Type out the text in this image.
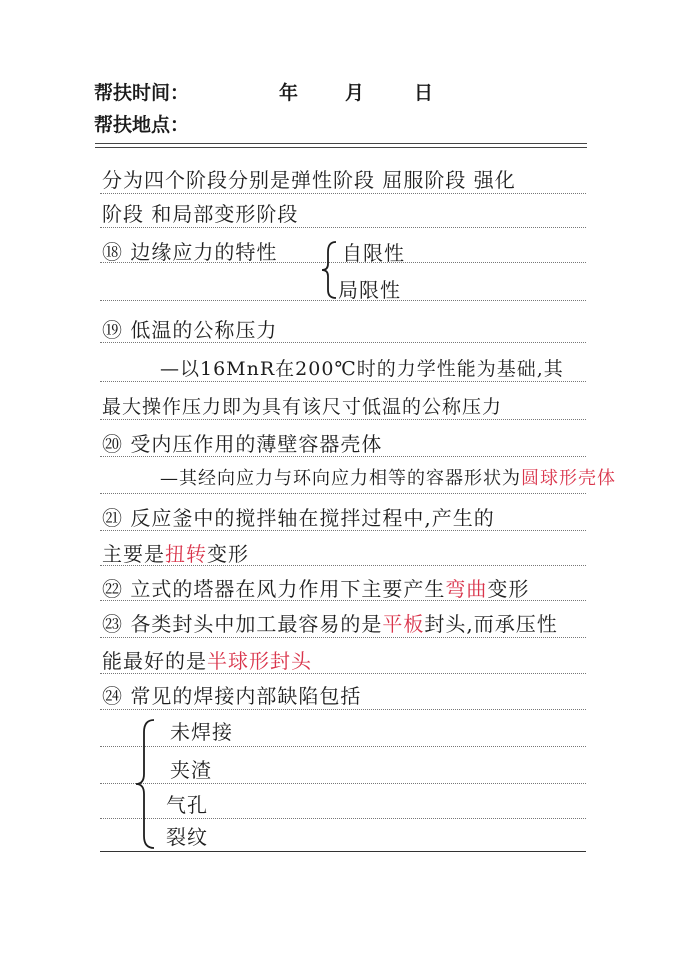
帮扶时间：	年 月	日
帮扶地点：
分为四个阶段分别是弹性阶段 屈服阶段 强化
阶段 和局部变形阶段
⑱ 边缘应力的特性	自限性
局限性
⑲ 低温的公称压力
—以16MnR在200℃时的力学性能为基础,其
最大操作压力即为具有该尺寸低温的公称压力
⑳ 受内压作用的薄壁容器壳体
—其经向应力与环向应力相等的容器形状为圆球形壳体
㉑ 反应釜中的搅拌轴在搅拌过程中,产生的
主要是扭转变形
㉒ 立式的塔器在风力作用下主要产生弯曲变形
㉓ 各类封头中加工最容易的是平板封头,而承压性
能最好的是半球形封头
㉔ 常见的焊接内部缺陷包括
未焊接
夹渣
气孔
裂纹
